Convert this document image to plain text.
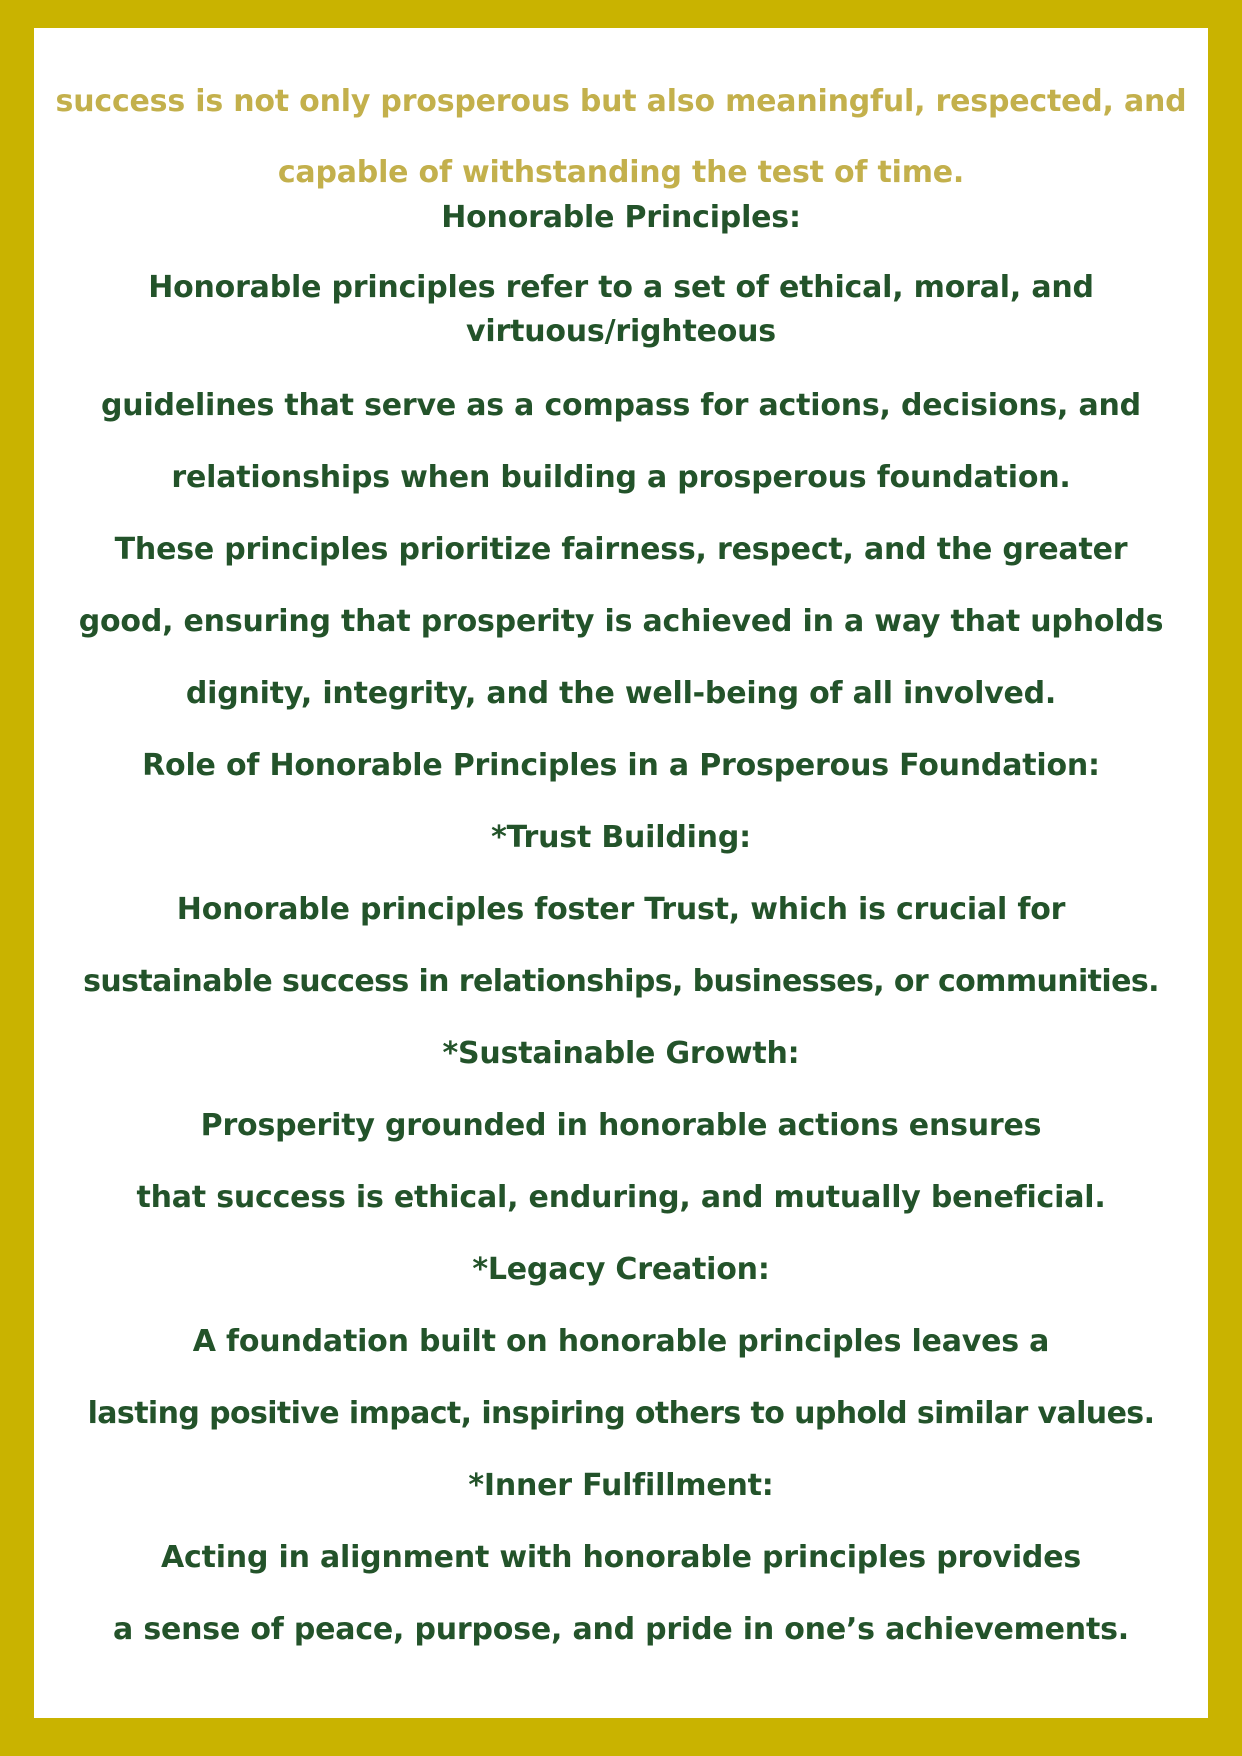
success is not only prosperous but also meaningful, respected, and
capable of withstanding the test of time.
Honorable Principles:
Honorable principles refer to a set of ethical, moral, and
virtuous/righteous
guidelines that serve as a compass for actions, decisions, and
relationships when building a prosperous foundation.
These principles prioritize fairness, respect, and the greater
good, ensuring that prosperity is achieved in a way that upholds
dignity, integrity, and the well-being of all involved.
Role of Honorable Principles in a Prosperous Foundation:
*Trust Building:
Honorable principles foster Trust, which is crucial for
sustainable success in relationships, businesses, or communities.
*Sustainable Growth:
Prosperity grounded in honorable actions ensures
that success is ethical, enduring, and mutually beneficial.
*Legacy Creation:
A foundation built on honorable principles leaves a
lasting positive impact, inspiring others to uphold similar values.
*Inner Fulfillment:
Acting in alignment with honorable principles provides
a sense of peace, purpose, and pride in one’s achievements.
